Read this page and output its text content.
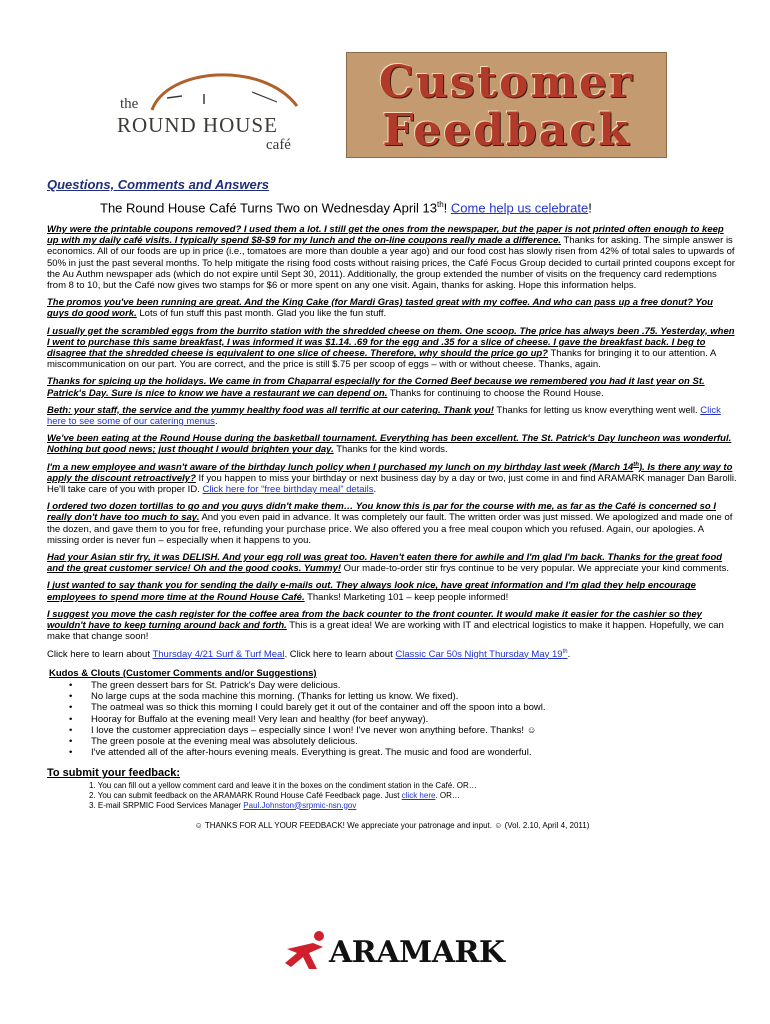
the
ROUND HOUSE
café
Customer
Feedback
Questions, Comments and Answers
The Round House Café Turns Two on Wednesday April 13th! Come help us celebrate!

Why were the printable coupons removed? I used them a lot. I still get the ones from the newspaper, but the paper is not printed often enough to keep up with my daily café visits. I typically spend $8-$9 for my lunch and the on-line coupons really made a difference. Thanks for asking. The simple answer is economics. All of our foods are up in price (i.e., tomatoes are more than double a year ago) and our food cost has slowly risen from 42% of total sales to upwards of 50% in just the past several months. To help mitigate the rising food costs without raising prices, the Café Focus Group decided to curtail printed coupons except for the Au Authm newspaper ads (which do not expire until Sept 30, 2011). Additionally, the group extended the number of visits on the frequency card redemptions from 8 to 10, but the Café now gives two stamps for $6 or more spent on any one visit. Again, thanks for asking. Hope this information helps.

The promos you've been running are great. And the King Cake (for Mardi Gras) tasted great with my coffee. And who can pass up a free donut? You guys do good work. Lots of fun stuff this past month. Glad you like the fun stuff.

I usually get the scrambled eggs from the burrito station with the shredded cheese on them. One scoop. The price has always been .75. Yesterday, when I went to purchase this same breakfast, I was informed it was $1.14. .69 for the egg and .35 for a slice of cheese. I gave the breakfast back. I beg to disagree that the shredded cheese is equivalent to one slice of cheese. Therefore, why should the price go up? Thanks for bringing it to our attention. A miscommunication on our part. You are correct, and the price is still $.75 per scoop of eggs – with or without cheese. Thanks, again.

Thanks for spicing up the holidays. We came in from Chaparral especially for the Corned Beef because we remembered you had it last year on St. Patrick's Day. Sure is nice to know we have a restaurant we can depend on. Thanks for continuing to choose the Round House.

Beth: your staff, the service and the yummy healthy food was all terrific at our catering. Thank you! Thanks for letting us know everything went well. Click here to see some of our catering menus.

We've been eating at the Round House during the basketball tournament. Everything has been excellent. The St. Patrick's Day luncheon was wonderful. Nothing but good news; just thought I would brighten your day. Thanks for the kind words.

I'm a new employee and wasn't aware of the birthday lunch policy when I purchased my lunch on my birthday last week (March 14th). Is there any way to apply the discount retroactively? If you happen to miss your birthday or next business day by a day or two, just come in and find ARAMARK manager Dan Barolli. He'll take care of you with proper ID. Click here for “free birthday meal” details.

I ordered two dozen tortillas to go and you guys didn't make them… You know this is par for the course with me, as far as the Café is concerned so I really don't have too much to say. And you even paid in advance. It was completely our fault. The written order was just missed. We apologized and made one of the dozen, and gave them to you for free, refunding your purchase price. We also offered you a free meal coupon which you refused. Again, our apologies. A missing order is never fun – especially when it happens to you.

Had your Asian stir fry, it was DELISH. And your egg roll was great too. Haven't eaten there for awhile and I'm glad I'm back. Thanks for the great food and the great customer service! Oh and the good cooks. Yummy! Our made-to-order stir frys continue to be very popular. We appreciate your kind comments.

I just wanted to say thank you for sending the daily e-mails out. They always look nice, have great information and I'm glad they help encourage employees to spend more time at the Round House Café. Thanks! Marketing 101 – keep people informed!

I suggest you move the cash register for the coffee area from the back counter to the front counter. It would make it easier for the cashier so they wouldn't have to keep turning around back and forth. This is a great idea! We are working with IT and electrical logistics to make it happen. Hopefully, we can make that change soon!

Click here to learn about Thursday 4/21 Surf & Turf Meal. Click here to learn about Classic Car 50s Night Thursday May 19th.

Kudos & Clouts (Customer Comments and/or Suggestions)
• The green dessert bars for St. Patrick's Day were delicious.
• No large cups at the soda machine this morning. (Thanks for letting us know. We fixed).
• The oatmeal was so thick this morning I could barely get it out of the container and off the spoon into a bowl.
• Hooray for Buffalo at the evening meal! Very lean and healthy (for beef anyway).
• I love the customer appreciation days – especially since I won! I've never won anything before. Thanks! ☺
• The green posole at the evening meal was absolutely delicious.
• I've attended all of the after-hours evening meals. Everything is great. The music and food are wonderful.
To submit your feedback:
1. You can fill out a yellow comment card and leave it in the boxes on the condiment station in the Café. OR…
2. You can submit feedback on the ARAMARK Round House Café Feedback page. Just click here. OR…
3. E-mail SRPMIC Food Services Manager Paul.Johnston@srpmic-nsn.gov
☺ THANKS FOR ALL YOUR FEEDBACK! We appreciate your patronage and input. ☺ (Vol. 2.10, April 4, 2011)
ARAMARK
